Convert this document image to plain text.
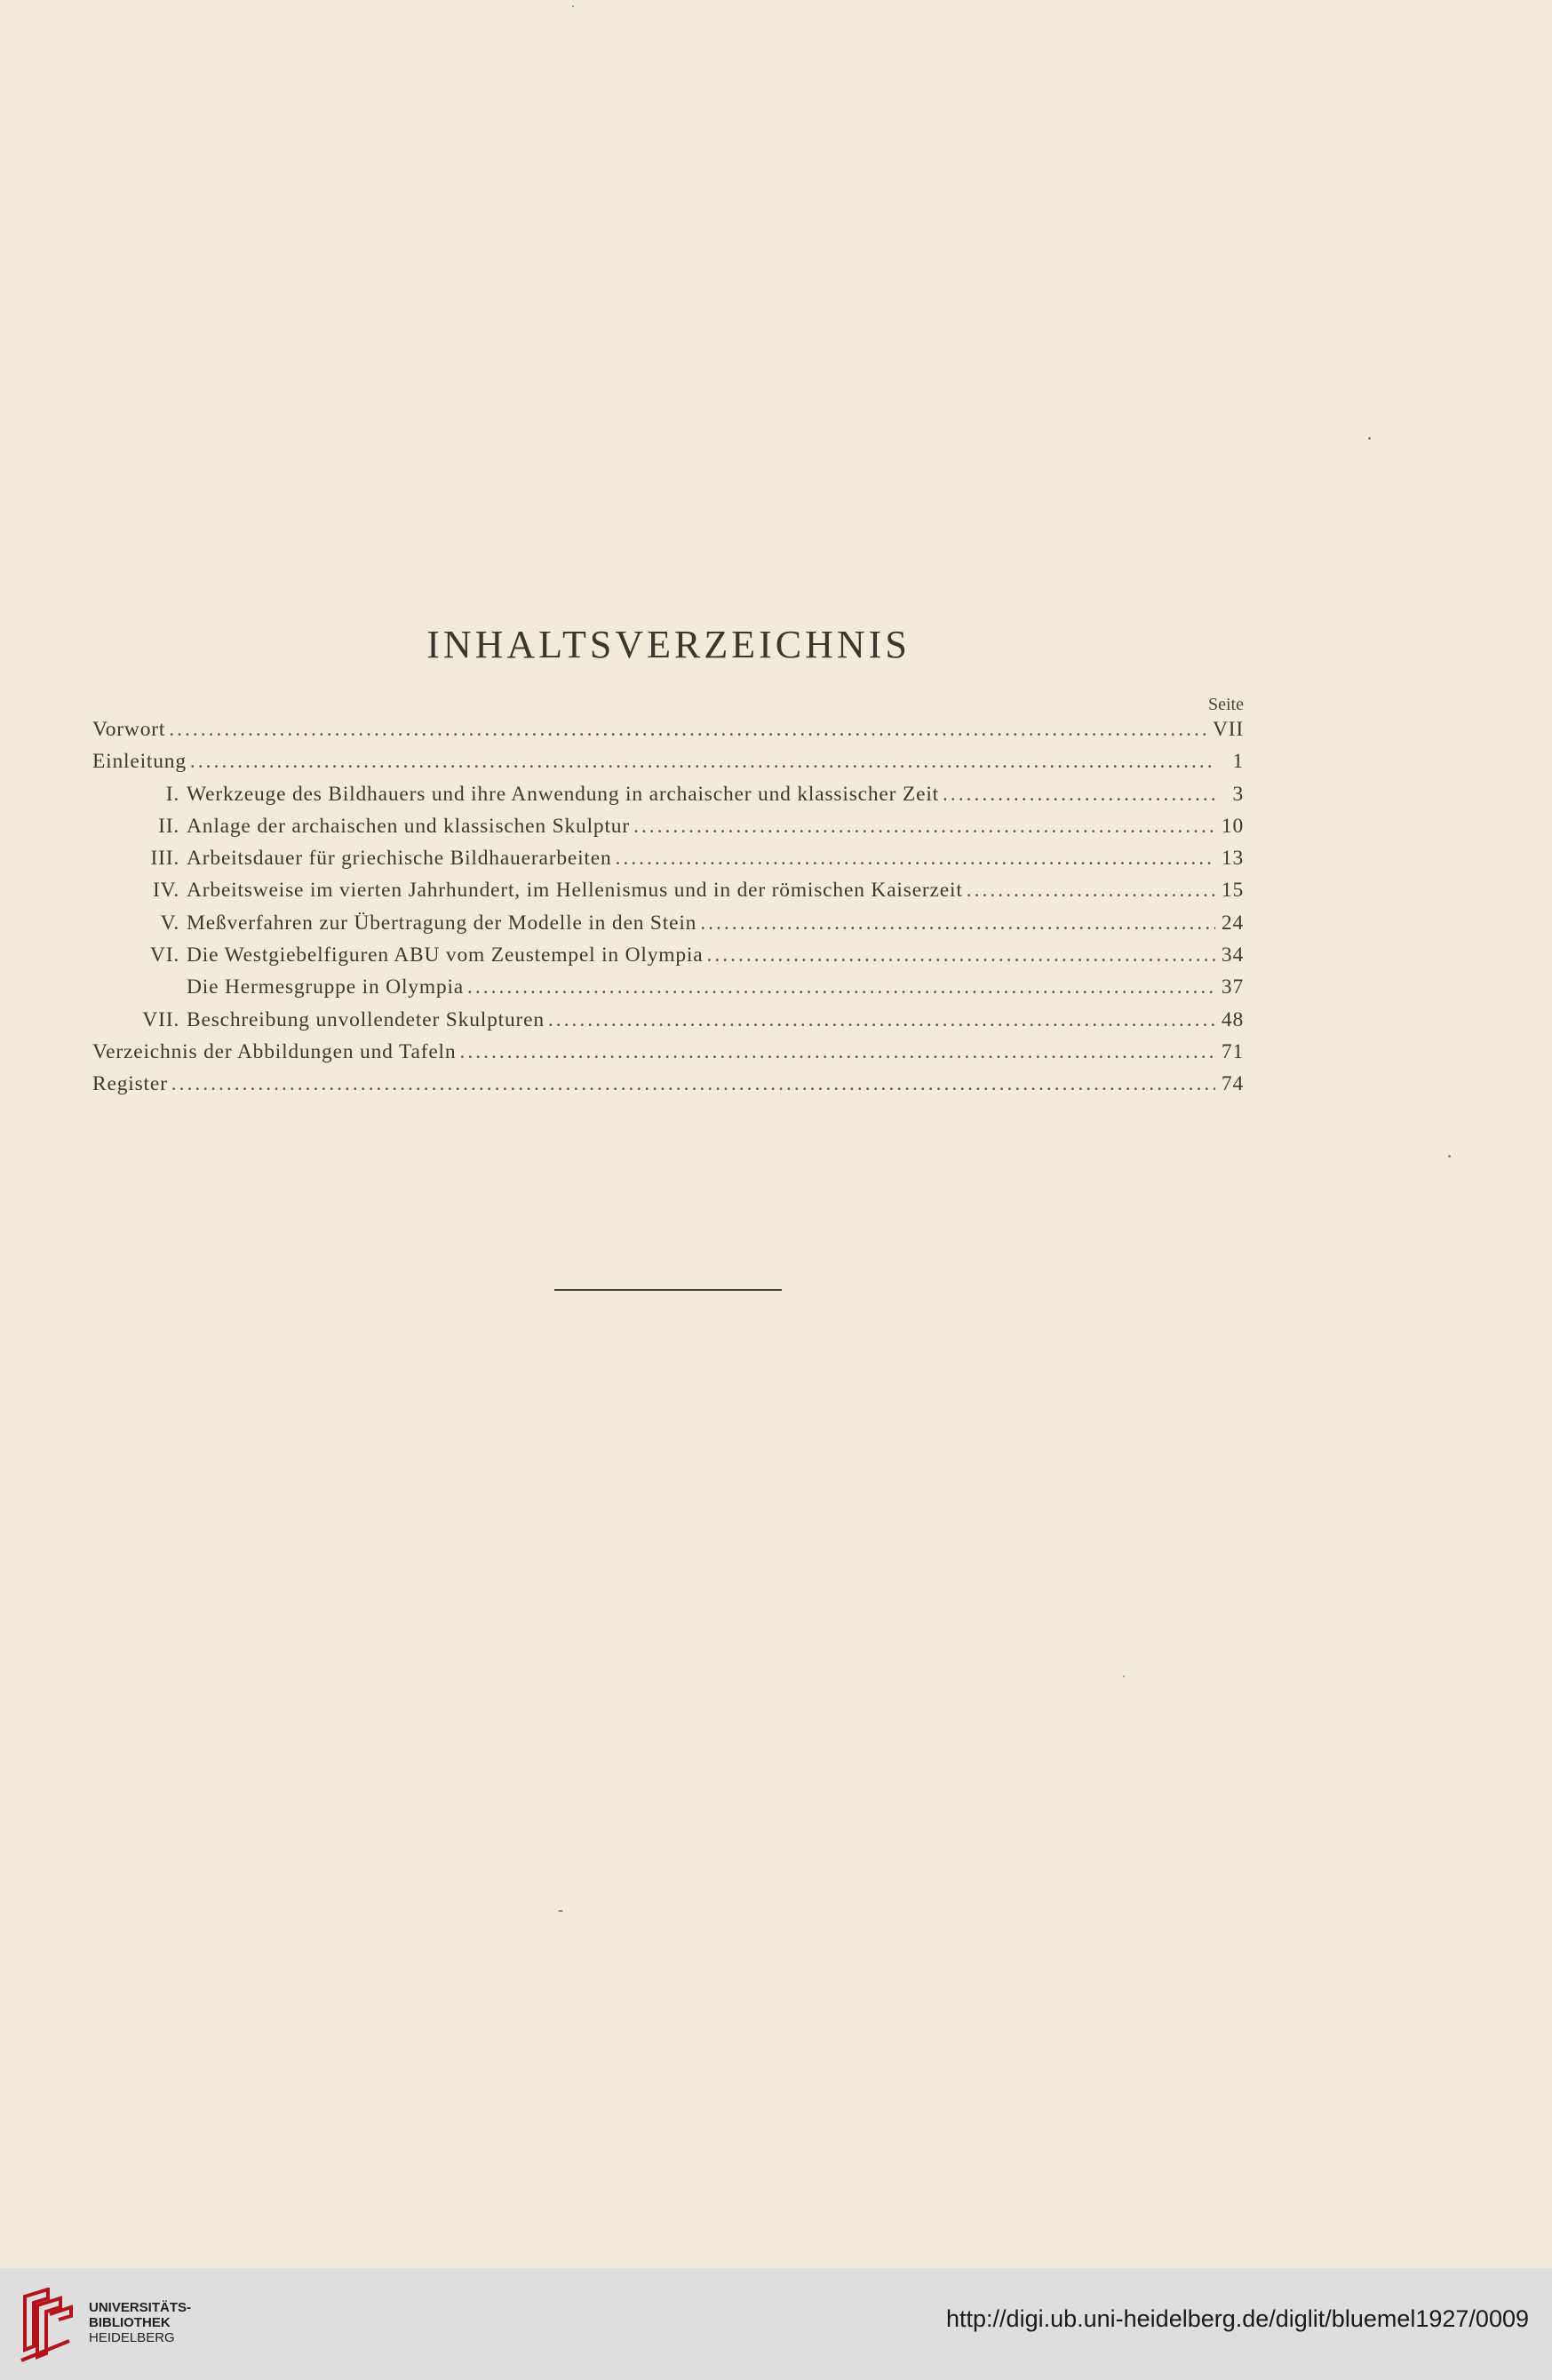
INHALTSVERZEICHNIS
Seite
Vorwort .....	VII
Einleitung .....	1
I. Werkzeuge des Bildhauers und ihre Anwendung in archaischer und klassischer Zeit .....	3
II. Anlage der archaischen und klassischen Skulptur .....	10
III. Arbeitsdauer für griechische Bildhauerarbeiten .....	13
IV. Arbeitsweise im vierten Jahrhundert, im Hellenismus und in der römischen Kaiserzeit .....	15
V. Meßverfahren zur Übertragung der Modelle in den Stein .....	24
VI. Die Westgiebelfiguren ABU vom Zeustempel in Olympia .....	34
Die Hermesgruppe in Olympia .....	37
VII. Beschreibung unvollendeter Skulpturen .....	48
Verzeichnis der Abbildungen und Tafeln .....	71
Register .....	74
UNIVERSITÄTS-
BIBLIOTHEK
HEIDELBERG
http://digi.ub.uni-heidelberg.de/diglit/bluemel1927/0009
